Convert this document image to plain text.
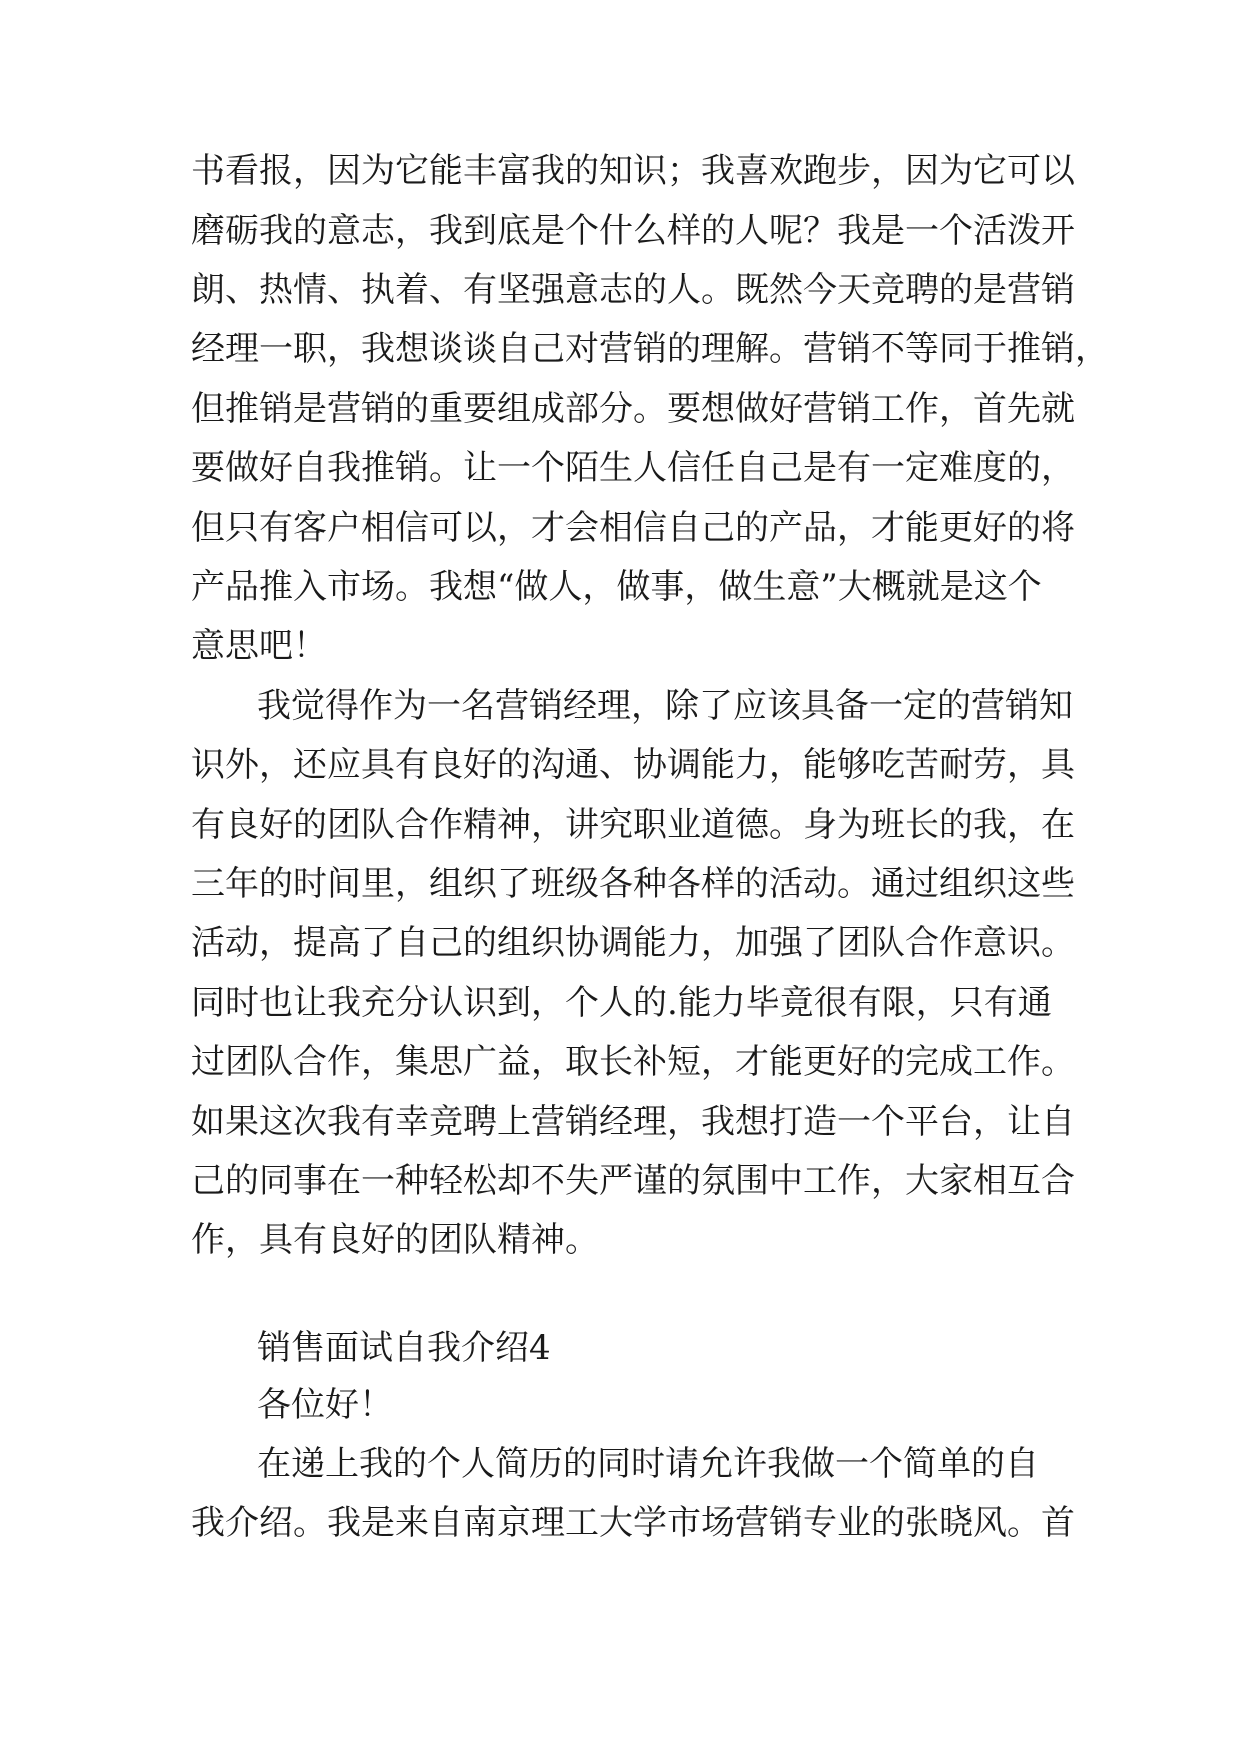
书看报，因为它能丰富我的知识；我喜欢跑步，因为它可以
磨砺我的意志，我到底是个什么样的人呢？我是一个活泼开
朗、热情、执着、有坚强意志的人。既然今天竞聘的是营销
经理一职，我想谈谈自己对营销的理解。营销不等同于推销，
但推销是营销的重要组成部分。要想做好营销工作，首先就
要做好自我推销。让一个陌生人信任自己是有一定难度的，
但只有客户相信可以，才会相信自己的产品，才能更好的将
产品推入市场。我想“做人，做事，做生意”大概就是这个
意思吧！
我觉得作为一名营销经理，除了应该具备一定的营销知
识外，还应具有良好的沟通、协调能力，能够吃苦耐劳，具
有良好的团队合作精神，讲究职业道德。身为班长的我，在
三年的时间里，组织了班级各种各样的活动。通过组织这些
活动，提高了自己的组织协调能力，加强了团队合作意识。
同时也让我充分认识到，个人的.能力毕竟很有限，只有通
过团队合作，集思广益，取长补短，才能更好的完成工作。
如果这次我有幸竞聘上营销经理，我想打造一个平台，让自
己的同事在一种轻松却不失严谨的氛围中工作，大家相互合
作，具有良好的团队精神。
销售面试自我介绍4
各位好！
在递上我的个人简历的同时请允许我做一个简单的自
我介绍。我是来自南京理工大学市场营销专业的张晓风。首
